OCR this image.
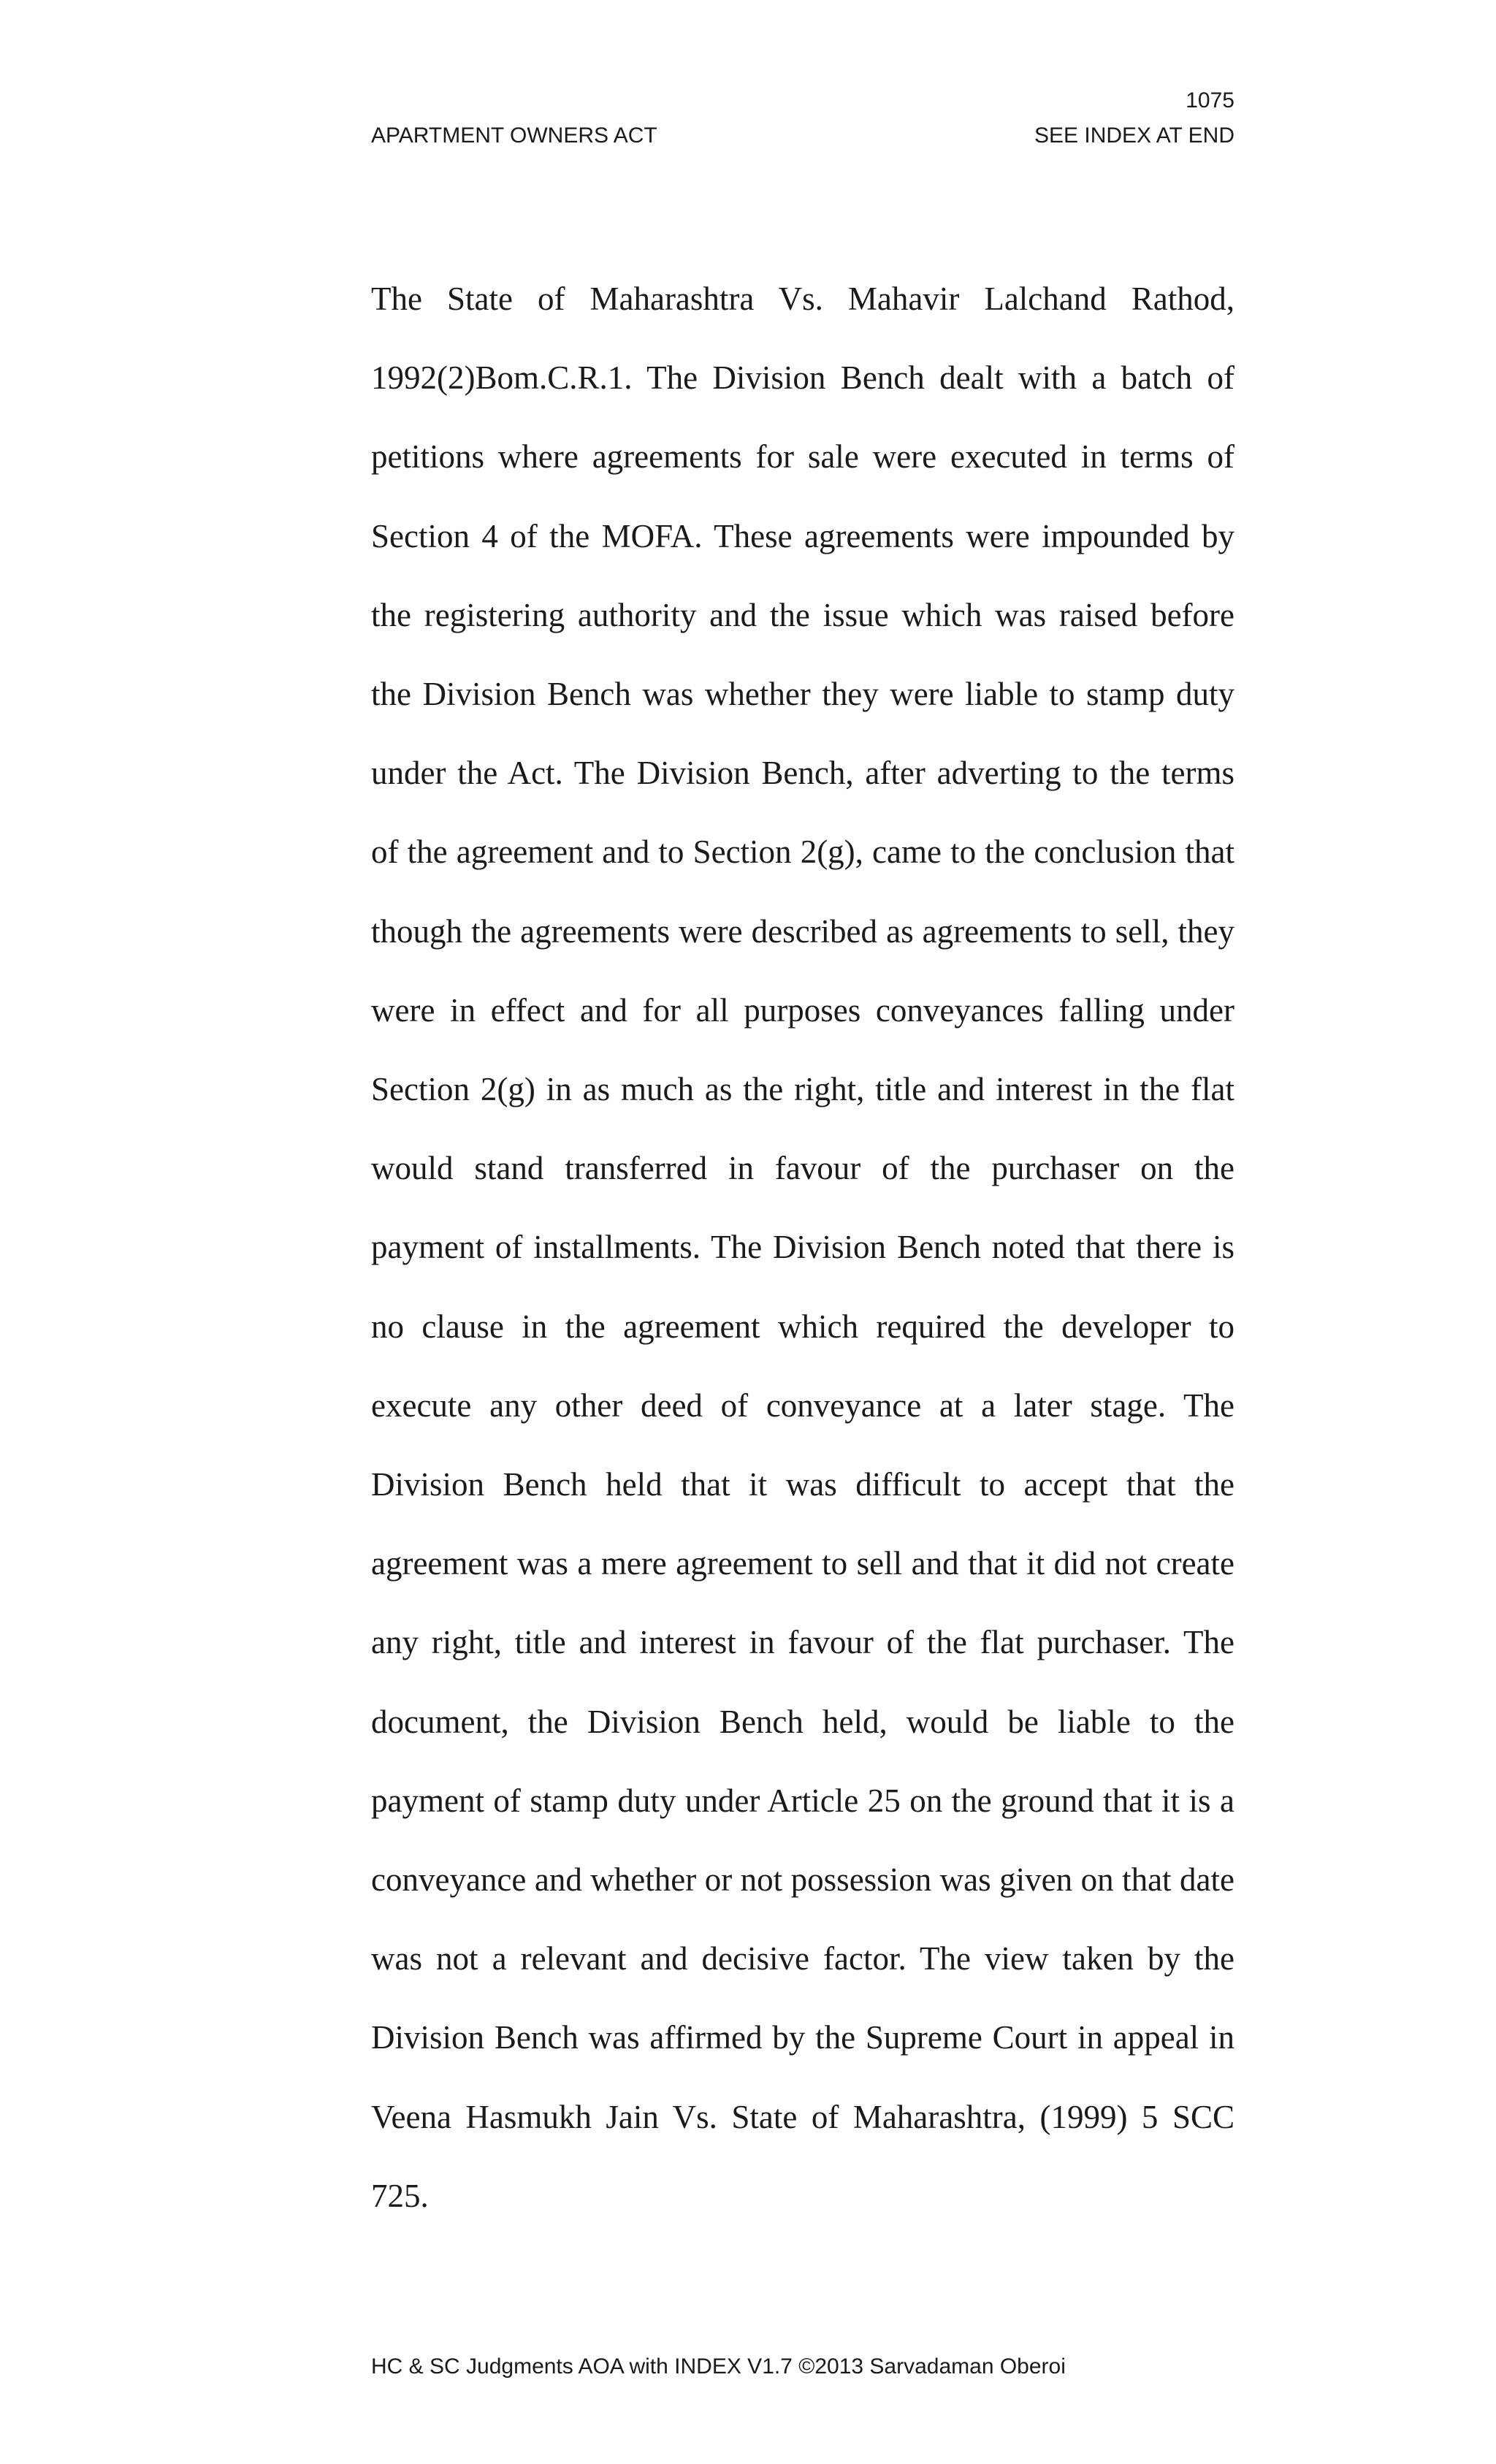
1075
APARTMENT OWNERS ACT	SEE INDEX AT END

The State of Maharashtra Vs. Mahavir Lalchand Rathod, 1992(2)Bom.C.R.1. The Division Bench dealt with a batch of petitions where agreements for sale were executed in terms of Section 4 of the MOFA. These agreements were impounded by the registering authority and the issue which was raised before the Division Bench was whether they were liable to stamp duty under the Act. The Division Bench, after adverting to the terms of the agreement and to Section 2(g), came to the conclusion that though the agreements were described as agreements to sell, they were in effect and for all purposes conveyances falling under Section 2(g) in as much as the right, title and interest in the flat would stand transferred in favour of the purchaser on the payment of installments. The Division Bench noted that there is no clause in the agreement which required the developer to execute any other deed of conveyance at a later stage. The Division Bench held that it was difficult to accept that the agreement was a mere agreement to sell and that it did not create any right, title and interest in favour of the flat purchaser. The document, the Division Bench held, would be liable to the payment of stamp duty under Article 25 on the ground that it is a conveyance and whether or not possession was given on that date was not a relevant and decisive factor. The view taken by the Division Bench was affirmed by the Supreme Court in appeal in Veena Hasmukh Jain Vs. State of Maharashtra, (1999) 5 SCC 725.

HC & SC Judgments AOA with INDEX V1.7 ©2013 Sarvadaman Oberoi
